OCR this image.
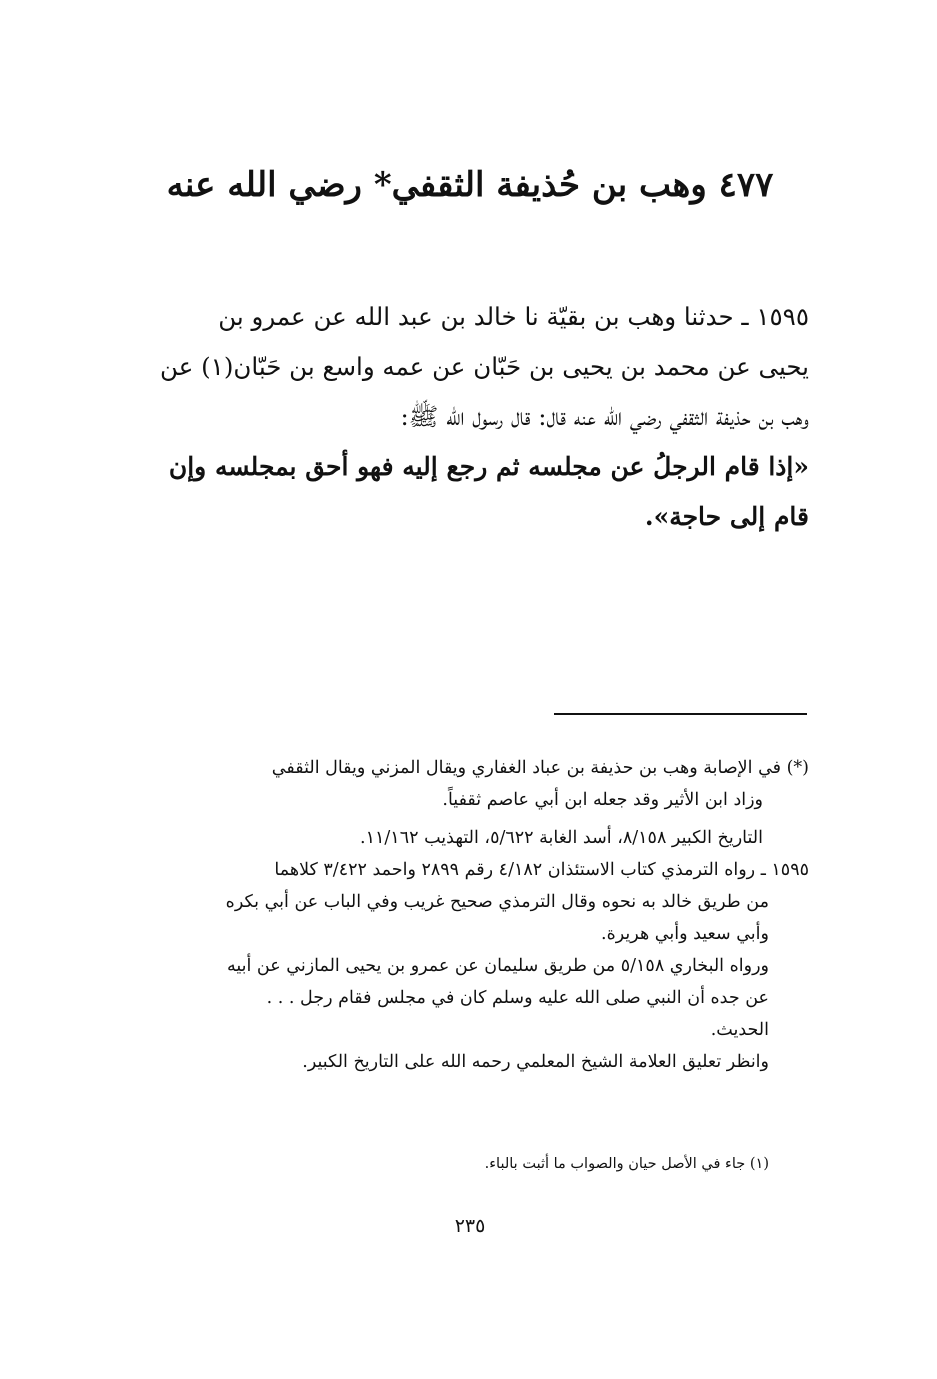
٤٧٧ وهب بن حُذيفة الثقفي* رضي الله عنه
١٥٩٥ ـ حدثنا وهب بن بقيّة نا خالد بن عبد الله عن عمرو بن
يحيى عن محمد بن يحيى بن حَبّان عن عمه واسع بن حَبّان(١) عن
وهب بن حذيفة الثقفي رضي الله عنه قال: قال رسول الله ﷺ:
«إذا قام الرجلُ عن مجلسه ثم رجع إليه فهو أحق بمجلسه وإن
قام إلى حاجة».
(*) في الإصابة وهب بن حذيفة بن عباد الغفاري ويقال المزني ويقال الثقفي
وزاد ابن الأثير وقد جعله ابن أبي عاصم ثقفياً.
التاريخ الكبير ٨/١٥٨، أسد الغابة ٥/٦٢٢، التهذيب ١١/١٦٢.
١٥٩٥ ـ رواه الترمذي كتاب الاستئذان ٤/١٨٢ رقم ٢٨٩٩ واحمد ٣/٤٢٢ كلاهما
من طريق خالد به نحوه وقال الترمذي صحيح غريب وفي الباب عن أبي بكره
وأبي سعيد وأبي هريرة.
ورواه البخاري ٥/١٥٨ من طريق سليمان عن عمرو بن يحيى المازني عن أبيه
عن جده أن النبي صلى الله عليه وسلم كان في مجلس فقام رجل . . .
الحديث.
وانظر تعليق العلامة الشيخ المعلمي رحمه الله على التاريخ الكبير.
(١) جاء في الأصل حيان والصواب ما أثبت بالباء.
٢٣٥
